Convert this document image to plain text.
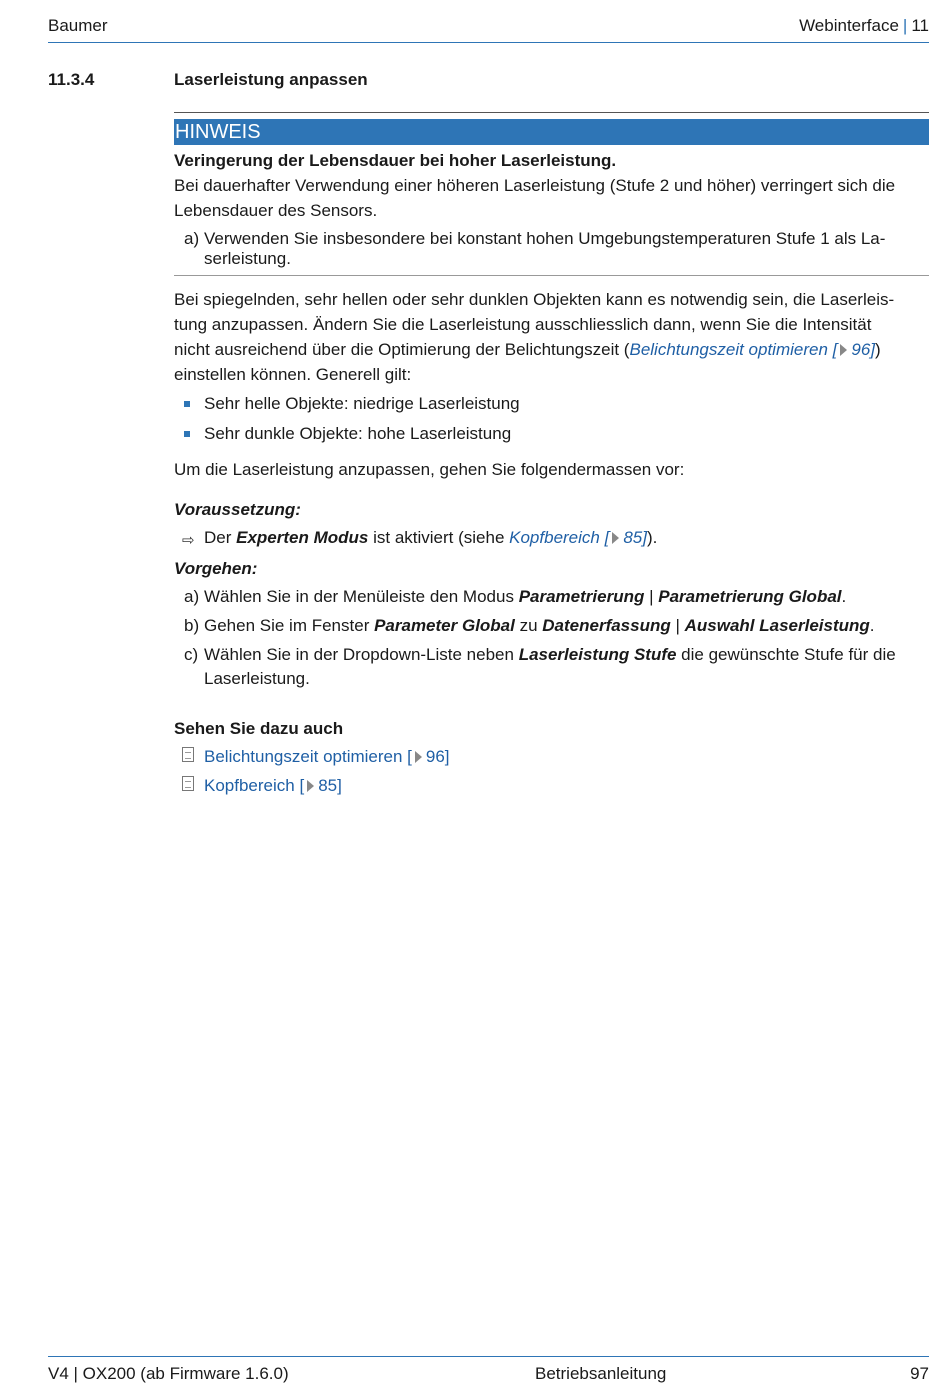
Baumer	Webinterface | 11
11.3.4	Laserleistung anpassen
HINWEIS
Veringerung der Lebensdauer bei hoher Laserleistung.

Bei dauerhafter Verwendung einer höheren Laserleistung (Stufe 2 und höher) verringert sich die Lebensdauer des Sensors.

a) Verwenden Sie insbesondere bei konstant hohen Umgebungstemperaturen Stufe 1 als La-
serleistung.
Bei spiegelnden, sehr hellen oder sehr dunklen Objekten kann es notwendig sein, die Laserleis-
tung anzupassen. Ändern Sie die Laserleistung ausschliesslich dann, wenn Sie die Intensität
nicht ausreichend über die Optimierung der Belichtungszeit (Belichtungszeit optimieren [ 96])
einstellen können. Generell gilt:
Sehr helle Objekte: niedrige Laserleistung
Sehr dunkle Objekte: hohe Laserleistung
Um die Laserleistung anzupassen, gehen Sie folgendermassen vor:
Voraussetzung:
⇨ Der Experten Modus ist aktiviert (siehe Kopfbereich [ 85]).
Vorgehen:
a) Wählen Sie in der Menüleiste den Modus Parametrierung | Parametrierung Global.
b) Gehen Sie im Fenster Parameter Global zu Datenerfassung | Auswahl Laserleistung.
c) Wählen Sie in der Dropdown-Liste neben Laserleistung Stufe die gewünschte Stufe für die
Laserleistung.
Sehen Sie dazu auch
Belichtungszeit optimieren [ 96]
Kopfbereich [ 85]
V4 | OX200 (ab Firmware 1.6.0)	Betriebsanleitung	97
